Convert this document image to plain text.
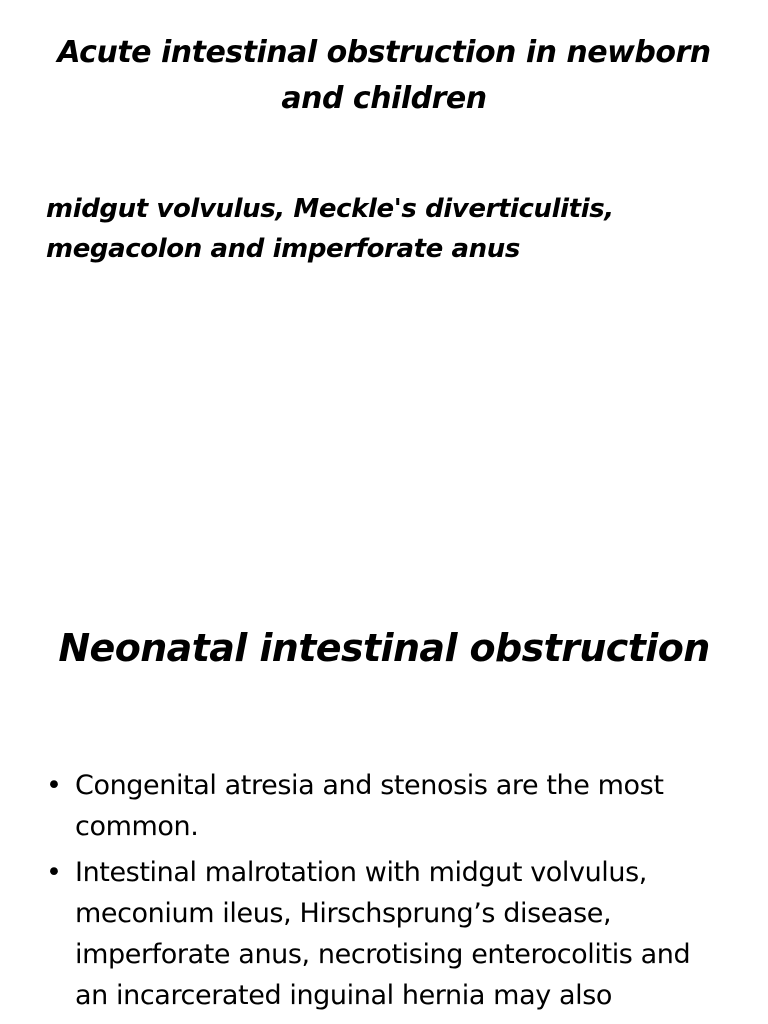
Acute intestinal obstruction in newborn and children

midgut volvulus, Meckle's diverticulitis, megacolon and imperforate anus

Neonatal intestinal obstruction
• Congenital atresia and stenosis are the most common.
• Intestinal malrotation with midgut volvulus, meconium ileus, Hirschsprung’s disease, imperforate anus, necrotising enterocolitis and an incarcerated inguinal hernia may also
